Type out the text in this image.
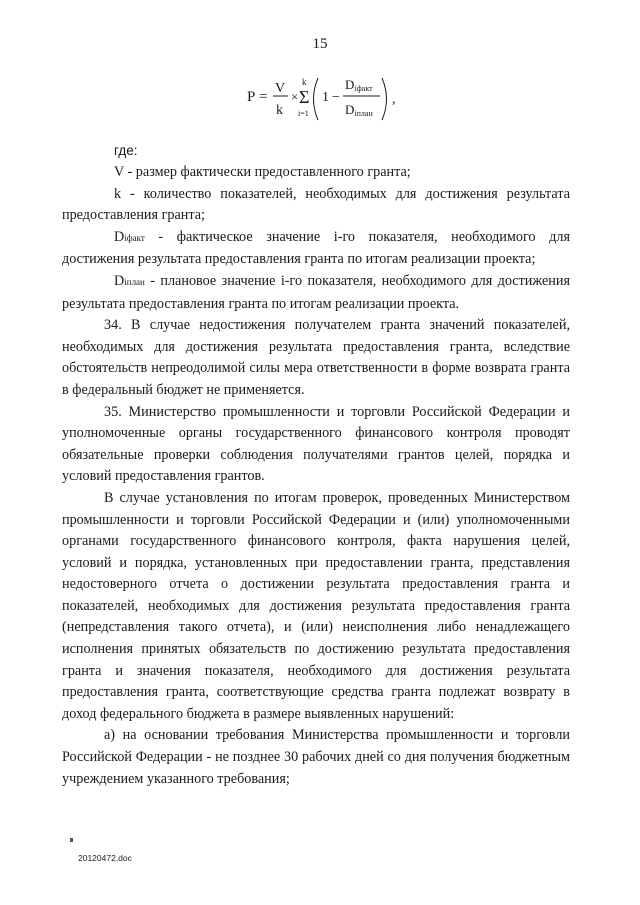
15
P =
V
k
×
k
Σ
i=1
1 −
Diфакт
Diплан
,

где:

V - размер фактически предоставленного гранта;

k - количество показателей, необходимых для достижения результата предоставления гранта;

Diфакт - фактическое значение i-го показателя, необходимого для достижения результата предоставления гранта по итогам реализации проекта;

Diплан - плановое значение i-го показателя, необходимого для достижения результата предоставления гранта по итогам реализации проекта.

34. В случае недостижения получателем гранта значений показателей, необходимых для достижения результата предоставления гранта, вследствие обстоятельств непреодолимой силы мера ответственности в форме возврата гранта в федеральный бюджет не применяется.

35. Министерство промышленности и торговли Российской Федерации и уполномоченные органы государственного финансового контроля проводят обязательные проверки соблюдения получателями грантов целей, порядка и условий предоставления грантов.

В случае установления по итогам проверок, проведенных Министерством промышленности и торговли Российской Федерации и (или) уполномоченными органами государственного финансового контроля, факта нарушения целей, условий и порядка, установленных при предоставлении гранта, представления недостоверного отчета о достижении результата предоставления гранта и показателей, необходимых для достижения результата предоставления гранта (непредставления такого отчета), и (или) неисполнения либо ненадлежащего исполнения принятых обязательств по достижению результата предоставления гранта и значения показателя, необходимого для достижения результата предоставления гранта, соответствующие средства гранта подлежат возврату в доход федерального бюджета в размере выявленных нарушений:

а) на основании требования Министерства промышленности и торговли Российской Федерации - не позднее 30 рабочих дней со дня получения бюджетным учреждением указанного требования;

20120472.doc
